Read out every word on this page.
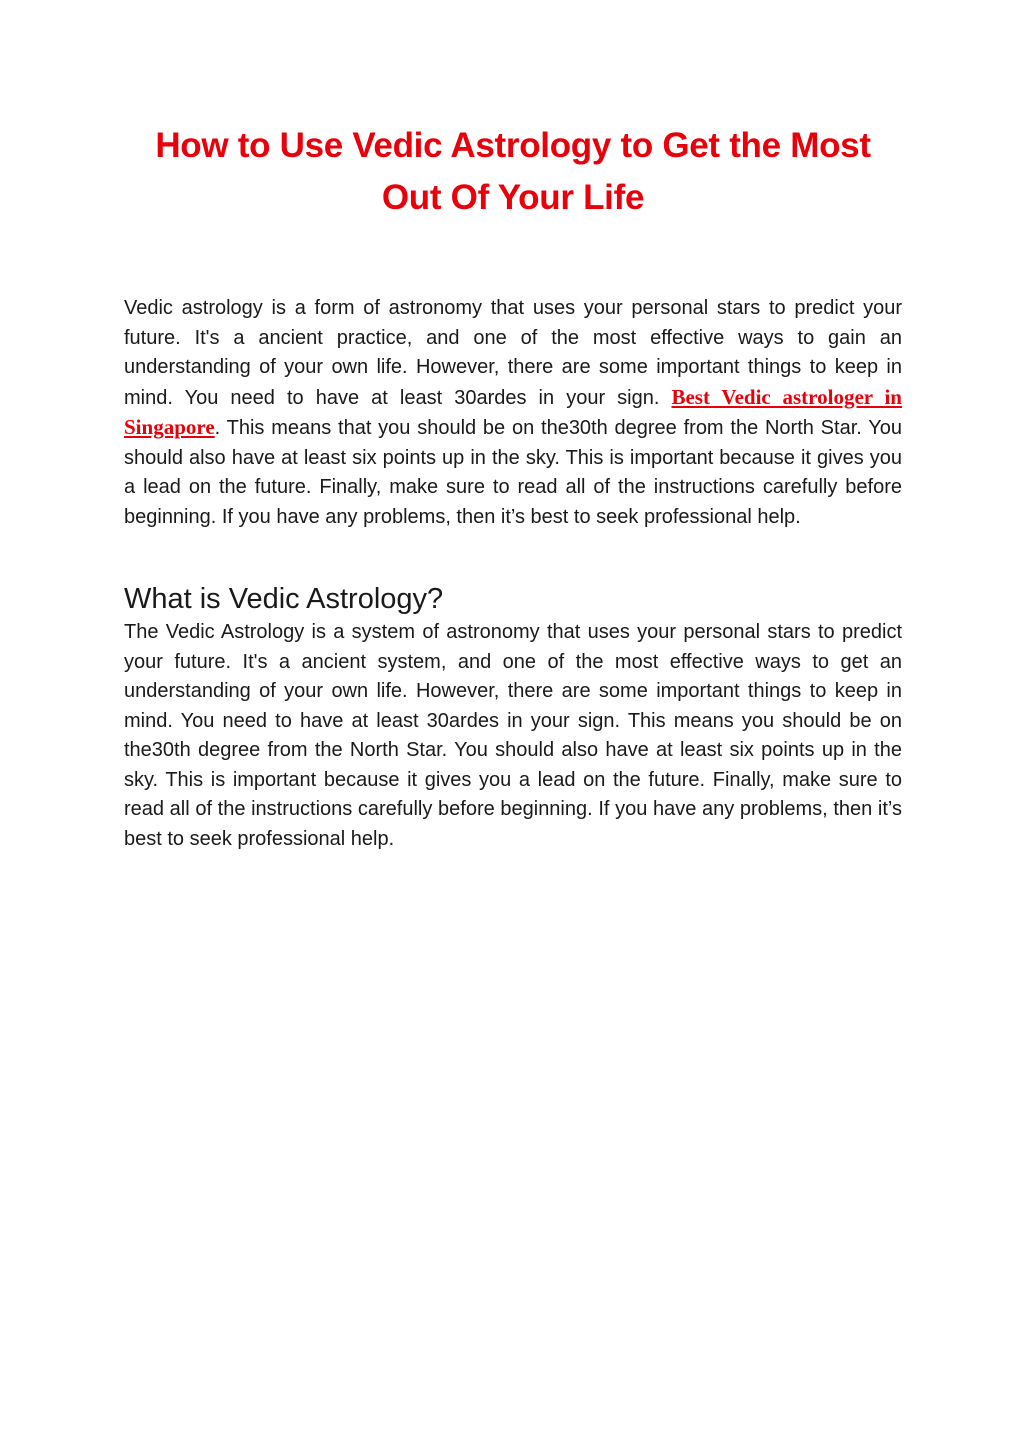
How to Use Vedic Astrology to Get the Most Out Of Your Life

Vedic astrology is a form of astronomy that uses your personal stars to predict your future. It's a ancient practice, and one of the most effective ways to gain an understanding of your own life. However, there are some important things to keep in mind. You need to have at least 30ardes in your sign. Best Vedic astrologer in Singapore. This means that you should be on the30th degree from the North Star. You should also have at least six points up in the sky. This is important because it gives you a lead on the future. Finally, make sure to read all of the instructions carefully before beginning. If you have any problems, then it’s best to seek professional help.

What is Vedic Astrology?

The Vedic Astrology is a system of astronomy that uses your personal stars to predict your future. It's a ancient system, and one of the most effective ways to get an understanding of your own life. However, there are some important things to keep in mind. You need to have at least 30ardes in your sign. This means you should be on the30th degree from the North Star. You should also have at least six points up in the sky. This is important because it gives you a lead on the future. Finally, make sure to read all of the instructions carefully before beginning. If you have any problems, then it’s best to seek professional help.
